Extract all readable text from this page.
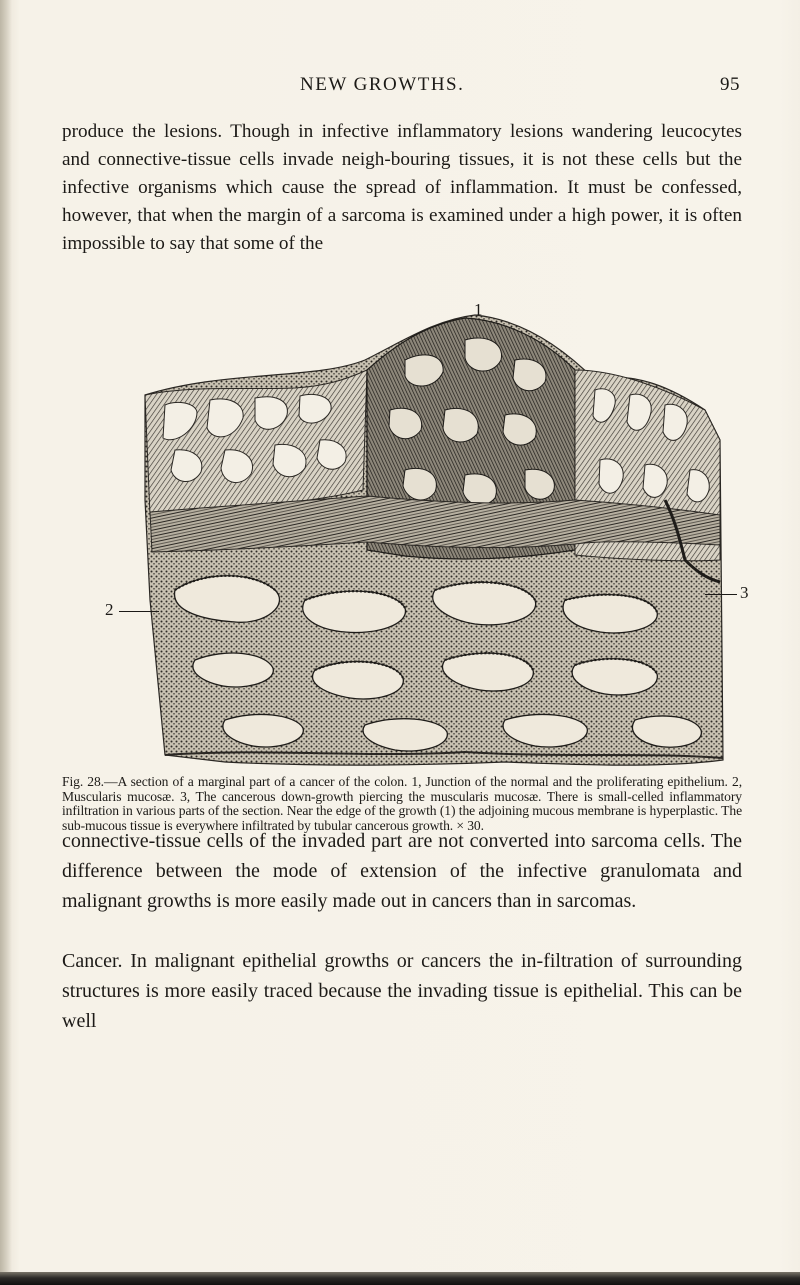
NEW GROWTHS.	95

produce the lesions. Though in infective inflammatory lesions wandering leucocytes and connective-tissue cells invade neigh-bouring tissues, it is not these cells but the infective organisms which cause the spread of inflammation. It must be confessed, however, that when the margin of a sarcoma is examined under a high power, it is often impossible to say that some of the

1
2
3

Fig. 28.—A section of a marginal part of a cancer of the colon. 1, Junction of the normal and the proliferating epithelium. 2, Muscularis mucosæ. 3, The cancerous down-growth piercing the muscularis mucosæ. There is small-celled inflammatory infiltration in various parts of the section. Near the edge of the growth (1) the adjoining mucous membrane is hyperplastic. The sub-mucous tissue is everywhere infiltrated by tubular cancerous growth. × 30.

connective-tissue cells of the invaded part are not converted into sarcoma cells. The difference between the mode of extension of the infective granulomata and malignant growths is more easily made out in cancers than in sarcomas.

Cancer. In malignant epithelial growths or cancers the in-filtration of surrounding structures is more easily traced because the invading tissue is epithelial. This can be well
